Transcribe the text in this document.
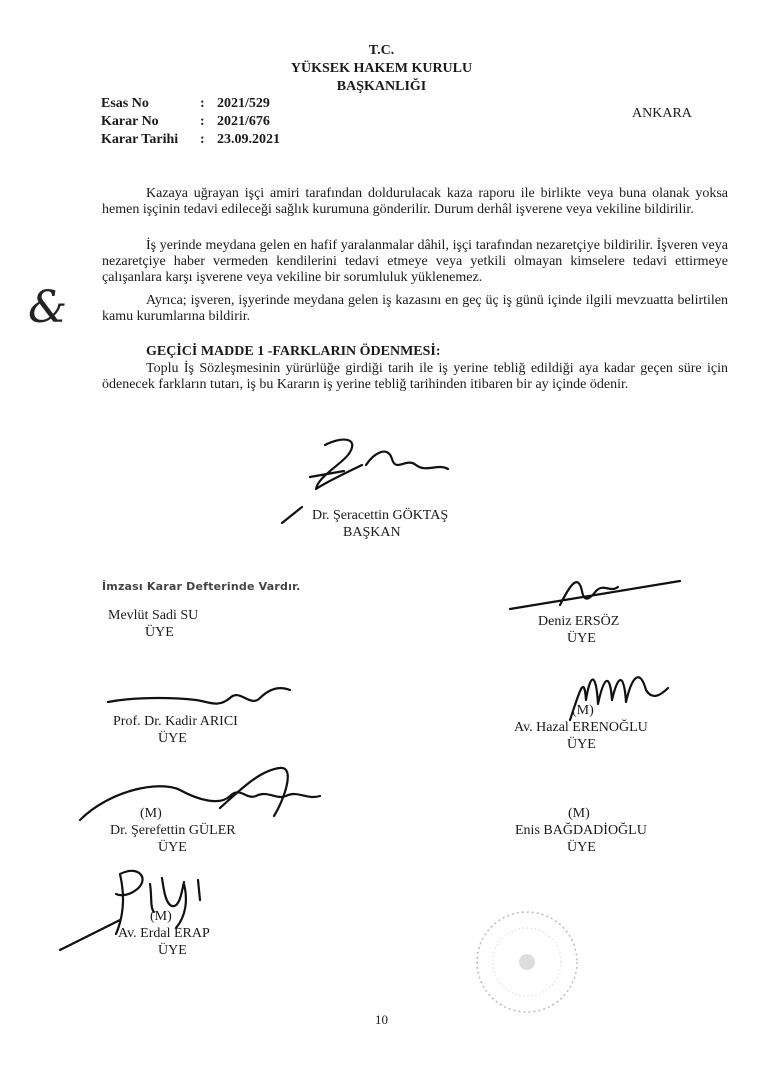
T.C.
YÜKSEK HAKEM KURULU
BAŞKANLIĞI
Esas No	: 2021/529
Karar No	: 2021/676
Karar Tarihi : 23.09.2021
ANKARA
&

Kazaya uğrayan işçi amiri tarafından doldurulacak kaza raporu ile birlikte veya buna olanak yoksa hemen işçinin tedavi edileceği sağlık kurumuna gönderilir. Durum derhâl işverene veya vekiline bildirilir.

İş yerinde meydana gelen en hafif yaralanmalar dâhil, işçi tarafından nezaretçiye bildirilir. İşveren veya nezaretçiye haber vermeden kendilerini tedavi etmeye veya yetkili olmayan kimselere tedavi ettirmeye çalışanlara karşı işverene veya vekiline bir sorumluluk yüklenemez.

Ayrıca; işveren, işyerinde meydana gelen iş kazasını en geç üç iş günü içinde ilgili mevzuatta belirtilen kamu kurumlarına bildirir.

GEÇİCİ MADDE 1 -FARKLARIN ÖDENMESİ:

Toplu İş Sözleşmesinin yürürlüğe girdiği tarih ile iş yerine tebliğ edildiği aya kadar geçen süre için ödenecek farkların tutarı, iş bu Kararın iş yerine tebliğ tarihinden itibaren bir ay içinde ödenir.

Dr. Şeracettin GÖKTAŞ
BAŞKAN
İmzası Karar Defterinde Vardır.
Mevlüt Sadi SU
ÜYE
Deniz ERSÖZ
ÜYE
Prof. Dr. Kadir ARICI
ÜYE
(M)
Av. Hazal ERENOĞLU
ÜYE
(M)
Dr. Şerefettin GÜLER
ÜYE
(M)
Enis BAĞDADİOĞLU
ÜYE
(M)
Av. Erdal ERAP
ÜYE
10
